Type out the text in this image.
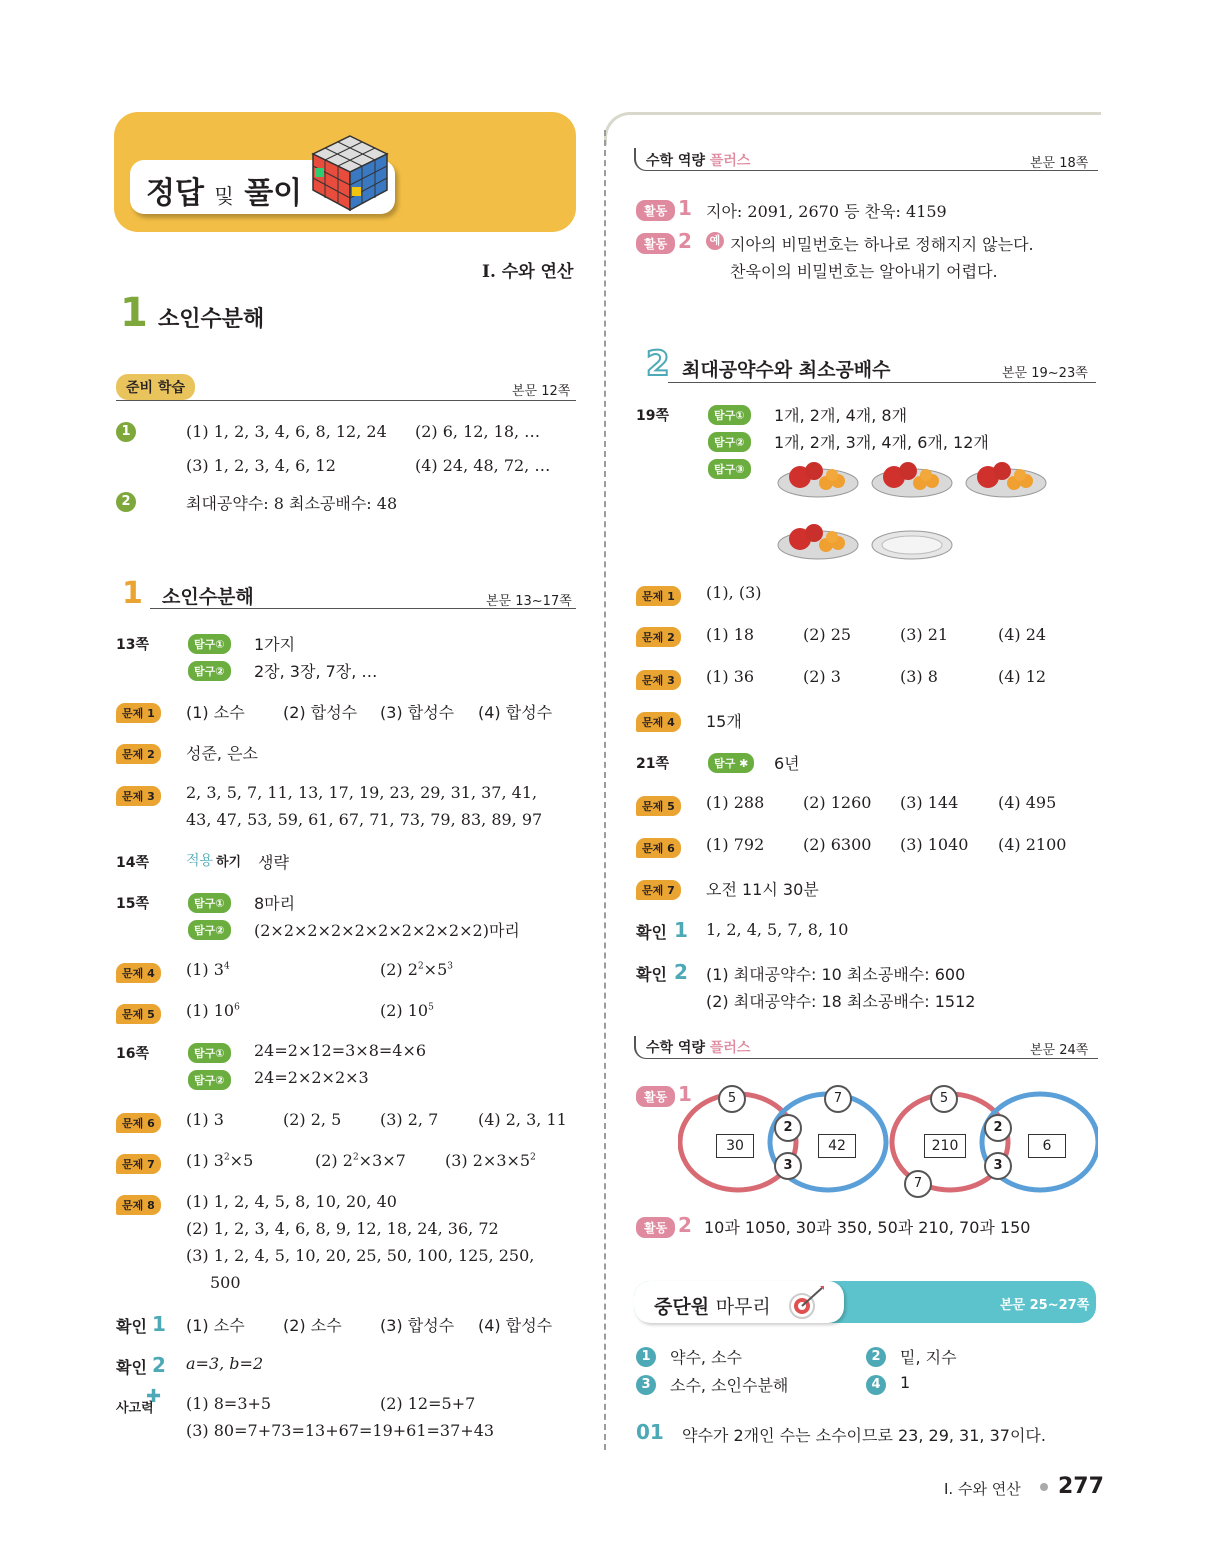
정답 및 풀이
Ⅰ. 수와 연산
1 소인수분해
준비 학습	본문 12쪽
1	(1) 1, 2, 3, 4, 6, 8, 12, 24 (2) 6, 12, 18, …
(3) 1, 2, 3, 4, 6, 12	(4) 24, 48, 72, …
2	최대공약수: 8 최소공배수: 48
1 소인수분해	본문 13~17쪽
13쪽	탐구①	1가지
탐구②	2장, 3장, 7장, …
문제 1	(1) 소수 (2) 합성수 (3) 합성수 (4) 합성수
문제 2	성준, 은소
문제 3	2, 3, 5, 7, 11, 13, 17, 19, 23, 29, 31, 37, 41,
43, 47, 53, 59, 61, 67, 71, 73, 79, 83, 89, 97
14쪽	적용 하기 생략
15쪽	탐구①	8마리
탐구②	(2×2×2×2×2×2×2×2×2×2)마리
문제 4	(1) $3^4$	(2) $2^2\times 5^3$
문제 5	(1) $10^6$	(2) $10^5$
16쪽	탐구①	24=2×12=3×8=4×6
탐구②	24=2×2×2×3
문제 6	(1) 3	(2) 2, 5 (3) 2, 7 (4) 2, 3, 11
문제 7	(1) $3^2\times 5$	(2) $2^2\times 3\times 7$ (3) $2\times 3\times 5^2$
문제 8	(1) 1, 2, 4, 5, 8, 10, 20, 40
(2) 1, 2, 3, 4, 6, 8, 9, 12, 18, 24, 36, 72
(3) 1, 2, 4, 5, 10, 20, 25, 50, 100, 125, 250,
500
확인 1 (1) 소수 (2) 소수 (3) 합성수 (4) 합성수
확인 2 a=3, b=2
사고력
✚ (1) 8=3+5	(2) 12=5+7
(3) 80=7+73=13+67=19+61=37+43
수학 역량 플러스	본문 18쪽
활동 1 지아: 2091, 2670 등 찬욱: 4159
활동 2	예 지아의 비밀번호는 하나로 정해지지 않는다.
찬욱이의 비밀번호는 알아내기 어렵다.
2 최대공약수와 최소공배수	본문 19~23쪽
19쪽	탐구①	1개, 2개, 4개, 8개
탐구②	1개, 2개, 3개, 4개, 6개, 12개
탐구③
문제 1	(1), (3)
문제 2	(1) 18	(2) 25	(3) 21	(4) 24
문제 3	(1) 36	(2) 3	(3) 8	(4) 12
문제 4	15개
21쪽	탐구 ✱	6년
문제 5	(1) 288 (2) 1260 (3) 144 (4) 495
문제 6	(1) 792 (2) 6300 (3) 1040 (4) 2100
문제 7	오전 11시 30분
확인 1 1, 2, 4, 5, 7, 8, 10
확인 2 (1) 최대공약수: 10 최소공배수: 600
(2) 최대공약수: 18 최소공배수: 1512
수학 역량 플러스	본문 24쪽
활동 1	5	7
2
3
30	42
5
7
2
3
210	6
활동 2 10과 1050, 30과 350, 50과 210, 70과 150
중단원 마무리	본문 25~27쪽
1	약수, 소수	2	밑, 지수
3	소수, 소인수분해	4	1
01 약수가 2개인 수는 소수이므로 23, 29, 31, 37이다.
Ⅰ. 수와 연산 277
